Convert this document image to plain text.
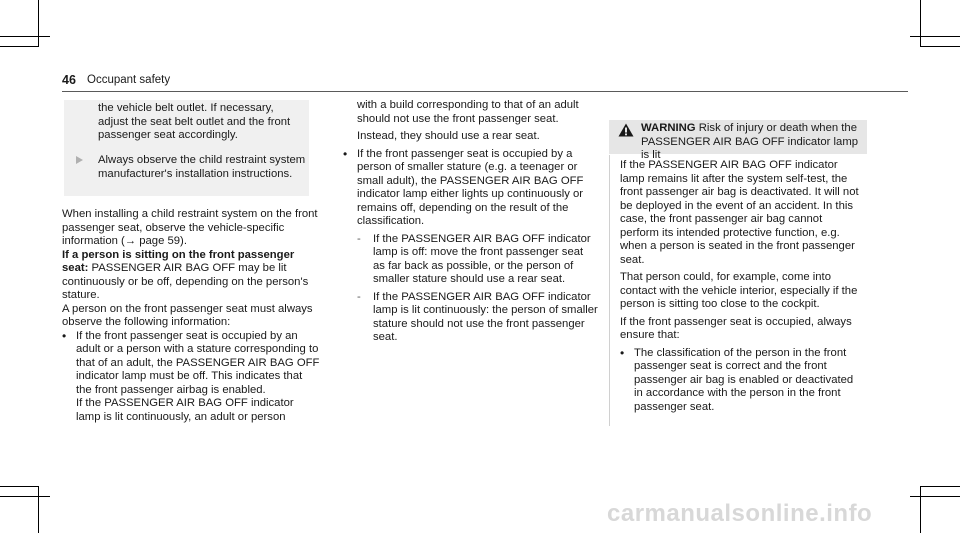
46 Occupant safety
the vehicle belt outlet. If necessary, adjust the seat belt outlet and the front passenger seat accordingly.
Always observe the child restraint system manufacturer's installation instructions.

When installing a child restraint system on the front passenger seat, observe the vehicle-specific information (→ page 59).

If a person is sitting on the front passenger seat: PASSENGER AIR BAG OFF may be lit continuously or be off, depending on the person's stature.

A person on the front passenger seat must always observe the following information:

• If the front passenger seat is occupied by an adult or a person with a stature corresponding to that of an adult, the PASSENGER AIR BAG OFF indicator lamp must be off. This indicates that the front passenger airbag is enabled.

If the PASSENGER AIR BAG OFF indicator lamp is lit continuously, an adult or person

with a build corresponding to that of an adult should not use the front passenger seat.

Instead, they should use a rear seat.

• If the front passenger seat is occupied by a person of smaller stature (e.g. a teenager or small adult), the PASSENGER AIR BAG OFF indicator lamp either lights up continuously or remains off, depending on the result of the classification.

- If the PASSENGER AIR BAG OFF indicator lamp is off: move the front passenger seat as far back as possible, or the person of smaller stature should use a rear seat.

- If the PASSENGER AIR BAG OFF indicator lamp is lit continuously: the person of smaller stature should not use the front passenger seat.

WARNING Risk of injury or death when the PASSENGER AIR BAG OFF indicator lamp is lit

If the PASSENGER AIR BAG OFF indicator lamp remains lit after the system self-test, the front passenger air bag is deactivated. It will not be deployed in the event of an accident. In this case, the front passenger air bag cannot perform its intended protective function, e.g. when a person is seated in the front passenger seat.

That person could, for example, come into contact with the vehicle interior, especially if the person is sitting too close to the cockpit.

If the front passenger seat is occupied, always ensure that:

• The classification of the person in the front passenger seat is correct and the front passenger air bag is enabled or deactivated in accordance with the person in the front passenger seat.

carmanualsonline.info
